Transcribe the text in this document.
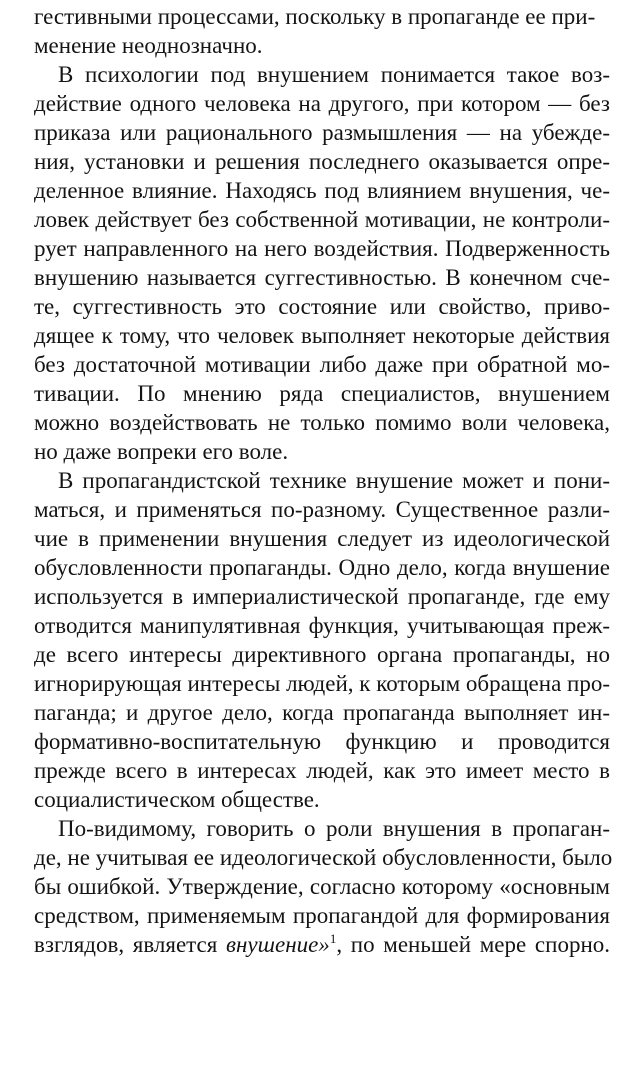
гестивными процессами, поскольку в пропаганде ее при-
менение неоднозначно.
В психологии под внушением понимается такое воз-
действие одного человека на другого, при котором — без
приказа или рационального размышления — на убежде-
ния, установки и решения последнего оказывается опре-
деленное влияние. Находясь под влиянием внушения, че-
ловек действует без собственной мотивации, не контроли-
рует направленного на него воздействия. Подверженность
внушению называется суггестивностью. В конечном сче-
те, суггестивность это состояние или свойство, приво-
дящее к тому, что человек выполняет некоторые действия
без достаточной мотивации либо даже при обратной мо-
тивации. По мнению ряда специалистов, внушением
можно воздействовать не только помимо воли человека,
но даже вопреки его воле.
В пропагандистской технике внушение может и пони-
маться, и применяться по-разному. Существенное разли-
чие в применении внушения следует из идеологической
обусловленности пропаганды. Одно дело, когда внушение
используется в империалистической пропаганде, где ему
отводится манипулятивная функция, учитывающая преж-
де всего интересы директивного органа пропаганды, но
игнорирующая интересы людей, к которым обращена про-
паганда; и другое дело, когда пропаганда выполняет ин-
формативно-воспитательную функцию и проводится
прежде всего в интересах людей, как это имеет место в
социалистическом обществе.
По-видимому, говорить о роли внушения в пропаган-
де, не учитывая ее идеологической обусловленности, было
бы ошибкой. Утверждение, согласно которому «основным
средством, применяемым пропагандой для формирования
взглядов, является внушение»$^1$, по меньшей мере спорно.
